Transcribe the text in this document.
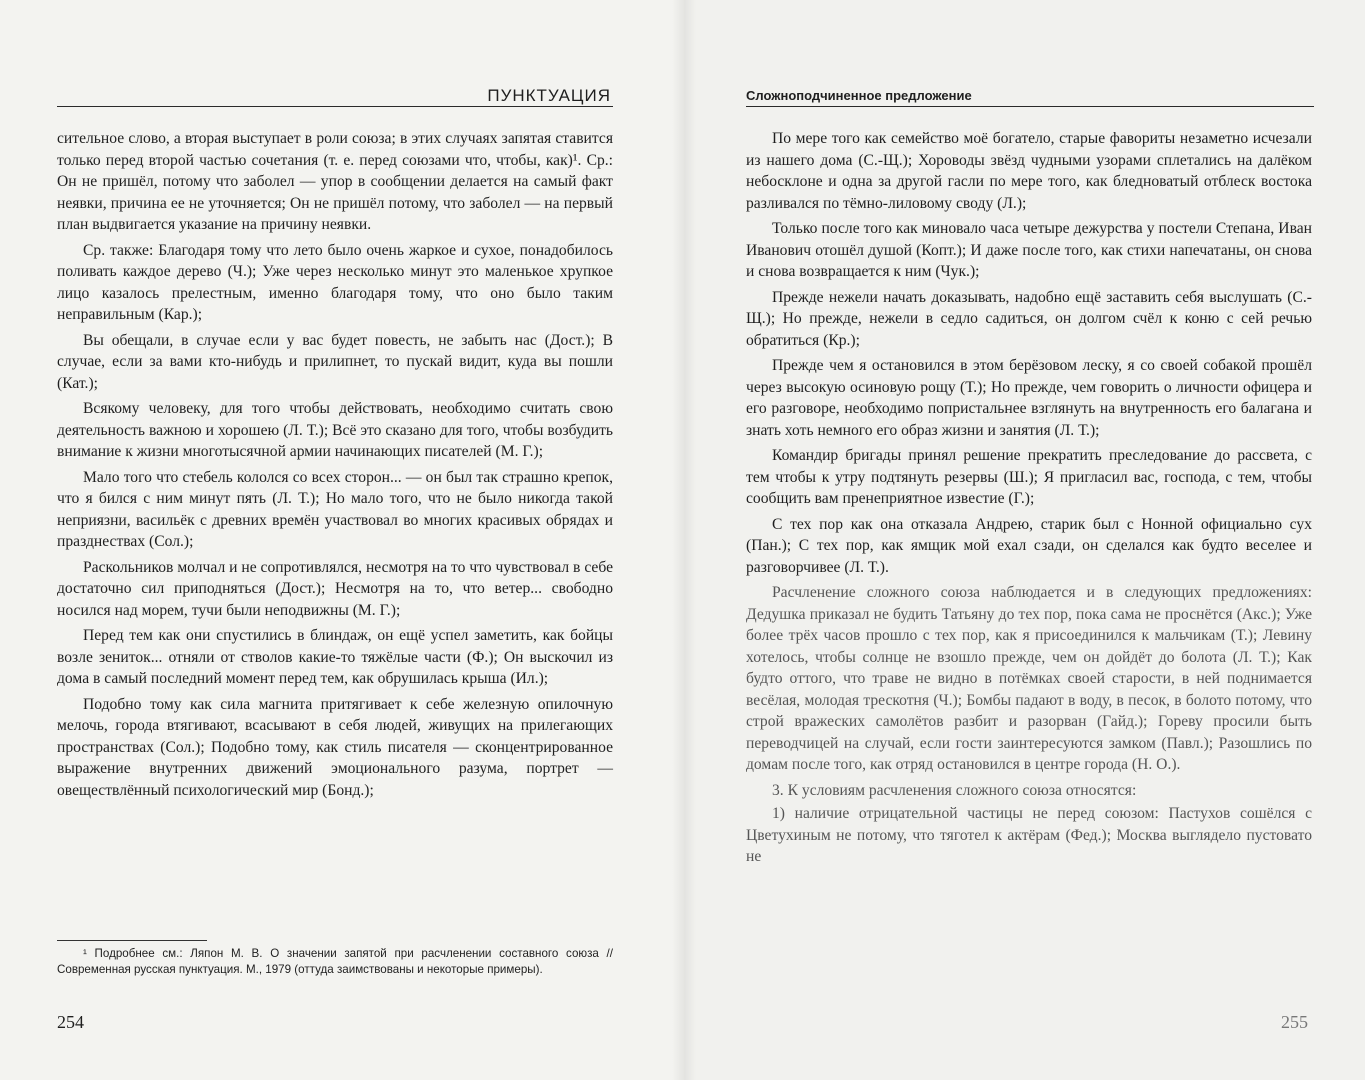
ПУНКТУАЦИЯ

сительное слово, а вторая выступает в роли союза; в этих случаях запятая ставится только перед второй частью сочетания (т. е. перед союзами что, чтобы, как)¹. Ср.: Он не пришёл, потому что заболел — упор в сообщении делается на самый факт неявки, причина ее не уточняется; Он не пришёл потому, что заболел — на первый план выдвигается указание на причину неявки.

Ср. также: Благодаря тому что лето было очень жаркое и сухое, понадобилось поливать каждое дерево (Ч.); Уже через несколько минут это маленькое хрупкое лицо казалось прелестным, именно благодаря тому, что оно было таким неправильным (Кар.);

Вы обещали, в случае если у вас будет повесть, не забыть нас (Дост.); В случае, если за вами кто-нибудь и прилипнет, то пускай видит, куда вы пошли (Кат.);

Всякому человеку, для того чтобы действовать, необходимо считать свою деятельность важною и хорошею (Л. Т.); Всё это сказано для того, чтобы возбудить внимание к жизни многотысячной армии начинающих писателей (М. Г.);

Мало того что стебель кололся со всех сторон... — он был так страшно крепок, что я бился с ним минут пять (Л. Т.); Но мало того, что не было никогда такой неприязни, васильёк с древних времён участвовал во многих красивых обрядах и празднествах (Сол.);

Раскольников молчал и не сопротивлялся, несмотря на то что чувствовал в себе достаточно сил приподняться (Дост.); Несмотря на то, что ветер... свободно носился над морем, тучи были неподвижны (М. Г.);

Перед тем как они спустились в блиндаж, он ещё успел заметить, как бойцы возле зениток... отняли от стволов какие-то тяжёлые части (Ф.); Он выскочил из дома в самый последний момент перед тем, как обрушилась крыша (Ил.);

Подобно тому как сила магнита притягивает к себе железную опилочную мелочь, города втягивают, всасывают в себя людей, живущих на прилегающих пространствах (Сол.); Подобно тому, как стиль писателя — сконцентрированное выражение внутренних движений эмоционального разума, портрет — овеществлённый психологический мир (Бонд.);

¹ Подробнее см.: Ляпон М. В. О значении запятой при расчленении составного союза // Современная русская пунктуация. М., 1979 (оттуда заимствованы и некоторые примеры).
254
Сложноподчиненное предложение

По мере того как семейство моё богатело, старые фавориты незаметно исчезали из нашего дома (С.-Щ.); Хороводы звёзд чудными узорами сплетались на далёком небосклоне и одна за другой гасли по мере того, как бледноватый отблеск востока разливался по тёмно-лиловому своду (Л.);

Только после того как миновало часа четыре дежурства у постели Степана, Иван Иванович отошёл душой (Копт.); И даже после того, как стихи напечатаны, он снова и снова возвращается к ним (Чук.);

Прежде нежели начать доказывать, надобно ещё заставить себя выслушать (С.-Щ.); Но прежде, нежели в седло садиться, он долгом счёл к коню с сей речью обратиться (Кр.);

Прежде чем я остановился в этом берёзовом леску, я со своей собакой прошёл через высокую осиновую рощу (Т.); Но прежде, чем говорить о личности офицера и его разговоре, необходимо попристальнее взглянуть на внутренность его балагана и знать хоть немного его образ жизни и занятия (Л. Т.);

Командир бригады принял решение прекратить преследование до рассвета, с тем чтобы к утру подтянуть резервы (Ш.); Я пригласил вас, господа, с тем, чтобы сообщить вам пренеприятное известие (Г.);

С тех пор как она отказала Андрею, старик был с Нонной официально сух (Пан.); С тех пор, как ямщик мой ехал сзади, он сделался как будто веселее и разговорчивее (Л. Т.).

Расчленение сложного союза наблюдается и в следующих предложениях: Дедушка приказал не будить Татьяну до тех пор, пока сама не проснётся (Акс.); Уже более трёх часов прошло с тех пор, как я присоединился к мальчикам (Т.); Левину хотелось, чтобы солнце не взошло прежде, чем он дойдёт до болота (Л. Т.); Как будто оттого, что траве не видно в потёмках своей старости, в ней поднимается весёлая, молодая трескотня (Ч.); Бомбы падают в воду, в песок, в болото потому, что строй вражеских самолётов разбит и разорван (Гайд.); Гореву просили быть переводчицей на случай, если гости заинтересуются замком (Павл.); Разошлись по домам после того, как отряд остановился в центре города (Н. О.).

3. К условиям расчленения сложного союза относятся:

1) наличие отрицательной частицы не перед союзом: Пастухов сошёлся с Цветухиным не потому, что тяготел к актёрам (Фед.); Москва выглядело пустовато не

255
